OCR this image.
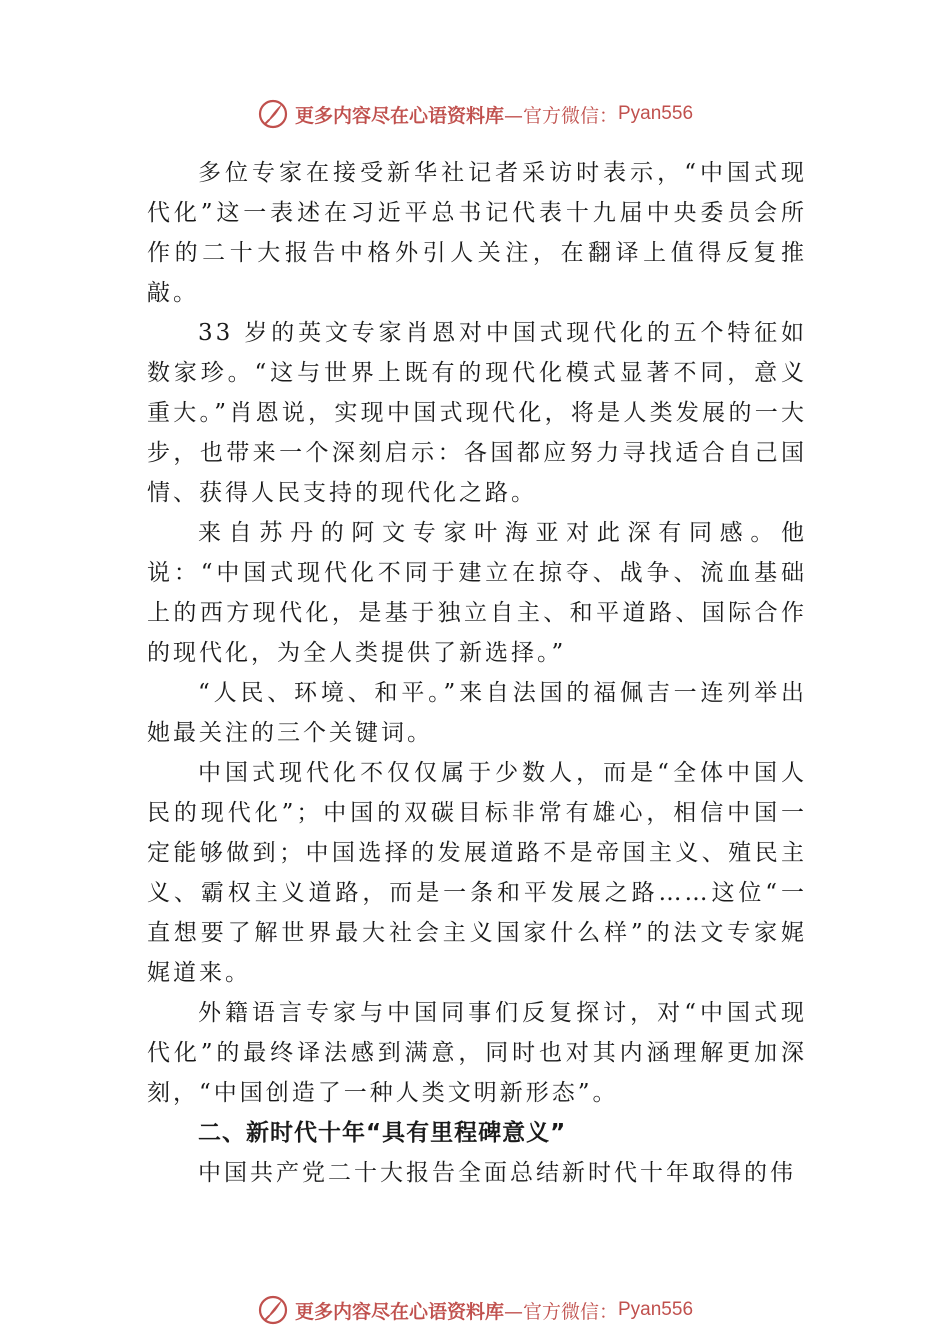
更多内容尽在心语资料库 —官方微信： Pyan556

多位专家在接受新华社记者采访时表示，“中国式现代化”这一表述在习近平总书记代表十九届中央委员会所作的二十大报告中格外引人关注，在翻译上值得反复推敲。

33 岁的英文专家肖恩对中国式现代化的五个特征如数家珍。“这与世界上既有的现代化模式显著不同，意义重大。”肖恩说，实现中国式现代化，将是人类发展的一大步，也带来一个深刻启示：各国都应努力寻找适合自己国情、获得人民支持的现代化之路。

来自苏丹的阿文专家叶海亚对此深有同感。他说：“中国式现代化不同于建立在掠夺、战争、流血基础上的西方现代化，是基于独立自主、和平道路、国际合作的现代化，为全人类提供了新选择。”

“人民、环境、和平。”来自法国的福佩吉一连列举出她最关注的三个关键词。

中国式现代化不仅仅属于少数人，而是“全体中国人民的现代化”；中国的双碳目标非常有雄心，相信中国一定能够做到；中国选择的发展道路不是帝国主义、殖民主义、霸权主义道路，而是一条和平发展之路……这位“一直想要了解世界最大社会主义国家什么样”的法文专家娓娓道来。

外籍语言专家与中国同事们反复探讨，对“中国式现代化”的最终译法感到满意，同时也对其内涵理解更加深刻，“中国创造了一种人类文明新形态”。

二、新时代十年“具有里程碑意义”

中国共产党二十大报告全面总结新时代十年取得的伟

更多内容尽在心语资料库 —官方微信： Pyan556
